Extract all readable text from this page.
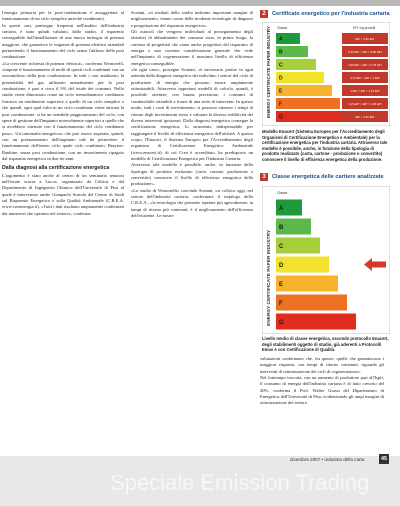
l'energia primaria per la post-combustione è assoggettata al funzionamento di un ciclo semplice anziché combinato).

In questi casi, purtroppo frequenti nell'ambito dell'industria cartaria, è stato quindi valutato, dallo studio, il risparmio conseguibile dall'installazione di una nuova turbogas di potenza maggiore, che garantisce le esigenze di potenza elettrica aziendali permettendo il funzionamento del ciclo senza l'utilizzo della post combustione.

«La crescente richiesta di potenza elettrica», conferma Vermorelli, «impone il funzionamento di molti di questi cicli combinati con un sovrautilizzo della post combustione. In tutti i casi analizzati, la potenzialità del gas utilizzato annualmente per la post combustione, è pari a circa il 9% del totale dei consumi. Nello studio viene dimostrato come un ciclo termodinamico combinato fornisca un rendimento superiore a quello di un ciclo semplice e che quindi, ogni qual volta in un ciclo combinato viene attivata la post combustione, si ha un sensibile peggioramento del ciclo, con spese di gestione dell'impianto notevolmente superiori a quelle che si avrebbero ottenute con il funzionamento del ciclo combinato puro». Un'«anomalia energetica» che può essere superata, quindi, con un potenziamento dell'impianto tale da permettere il funzionamento dell'intero ciclo quale ciclo combinato, Brayton-Rankine, senza post combustione, con un investimento ripagato dal risparmio energetico in due tre anni.

Dalla diagnosi alla certificazione energetica

L'argomento è stato anche al centro di un seminario tenutosi nell'estate scorsa a Lucca, organizzato da Celsius e dal Dipartimento di Ingegneria Chimica dell'Università di Pisa al quale è intervenuto anche Gianpaolo Scaiola del Centro di Studi sul Risparmio Energetico e sulla Qualità Ambientale (C.R.E.A. www.creaenergia.it). «Tutti i dati risultano ampiamente confermati dai numerosi che operano nel settore», conferma

Scaiani, «sì risultati dello studio indicano importanti margini di miglioramento, tenuto conto delle moderne tecnologie di diagnosi e progettazione del risparmio energetico».

Gli ostacoli che vengono individuati al proseguimento degli obiettivi di abbattimento dei consumi sono, in primo luogo, la carenza di progettisti che siano anche progettisti del risparmio di energia e una corrente considerazione generale che vede nell'impianto di cogenerazione il massimo livello di efficienza energetica conseguibile.

«In ogni caso», prosegue Scaiani, «è necessario partire in ogni azienda dalla diagnosi energetica dei individuo i settori del ciclo di produzione di energia che possono essere ampiamente ottimizzabili. Attraverso opportuni modelli di calcolo, quindi, è possibile ottenere, con buona precisione, i consumi di combustibile ottenibili a fronte di una serie di interventi. In questo modo, tutti i costi di investimento, si possono ottenere i tempi di ritorno degli investimenti stessi e valutare la diversa redditività dei diversi interventi ipotizzati. Dalla diagnosi energetica consegue la certificazione energetica, lo strumento indispensabile per raggiungere il livello di efficienza energetica dell'attività. A questo scopo, l'Enaceri, il Sistema Europeo per l'Accreditamento degli organismi di Certificazione Energetico Ambientale (www.enacert.it), di cui Crea è accreditato, ha predisposto un modello di Certificazione Energetica per l'Industria Cartaria.

Attraverso tale modello è possibile, anche, in funzione della tipologia di prodotto realizzato (carte, cartone, produzione o convertito) conoscere il livello di efficienza energetica della produzione».

«Lo studio di Vermorelli» conclude Scaiani, «si colloca oggi, nel settore dell'industria cartaria, confermare il riepilogo della C.R.E.A., «la tecnologia che permette ripetute più agevolmente, in tempi di ritorno più contenuti, è il miglioramento dell'efficienza dell'esistente. Le nostre

2	Certificato energetico per l'industria cartaria
ENERGY CERTIFICATE PAPER INDUSTRY Classe	EPi / kg prodotti
A	EPi < 0,45 EPr
B	0,45 EPr < EPi < 0,60 EPr
C	0,60 EPr < EPi < 0,75 EPr
D	0,75 EPr < EPi < 1 EPr
E	1 EPr < EPi < 1,15 EPr
F	1,15 EPr < EPi < 1,30 EPr
G	EPi > 1,30 EPr
Modello Enacert (Sistema Europeo per l'Accreditamento degli Organismi di Certificazione Energetico e Ambientale) per la certificazione energetica per l'industria cartaria. Attraverso tale modello è possibile, anche, in funzione della tipologia di prodotto realizzato (carta, cartone - produzione o convertito) conoscere il livello di efficienza energetica della produzione.
3	Classe energetica delle cartiere analizzate
ENERGY CERTIFICATE PAPER INDUSTRY
Classe
A
B
C
D
E
F
G
Livello medio di classe energetica, secondo protocollo Enacert, degli stabilimenti oggetto di studio, già aderenti a Protocolli Emas e con Certificazione di Qualità.

valutazioni confermano che, fra queste, quelle che garantiscono i maggiori risparmi, con tempi di ritorno contenuti, riguarda gli interventi di ottimizzazione dei cicli di cogenerazione».

Nel frattempo traccata, con un aumento di produttore pari all'Ispfi, il consumo di energia dell'industria cartaria è di fatto crescito del 40%, conferma il Prof. Walter Grassi del Dipartimento di Energetica dell'Università di Pisa, evidenziando gli ampi margini di ottimizzazione del settore.

Speciale Emission Trading
dicembre 2007 • industria della carta	45
